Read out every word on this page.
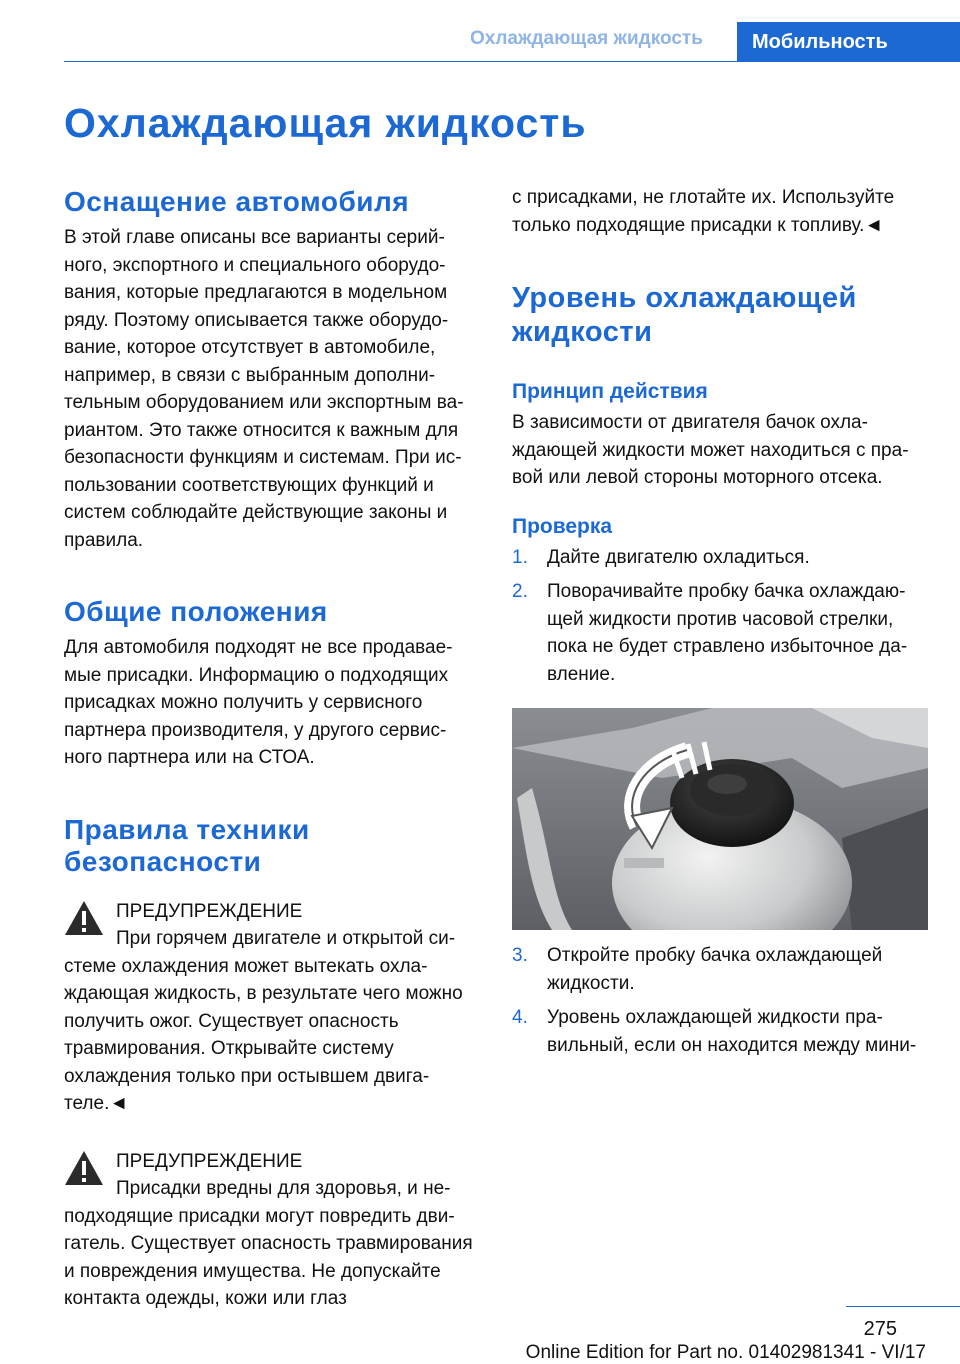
Охлаждающая жидкость	Мобильность
Охлаждающая жидкость
Оснащение автомобиля

В этой главе описаны все варианты серийного, экспортного и специального оборудования, которые предлагаются в модельном ряду. Поэтому описывается также оборудование, которое отсутствует в автомобиле, например, в связи с выбранным дополнительным оборудованием или экспортным вариантом. Это также относится к важным для безопасности функциям и системам. При использовании соответствующих функций и систем соблюдайте действующие законы и правила.

Общие положения

Для автомобиля подходят не все продаваемые присадки. Информацию о подходящих присадках можно получить у сервисного партнера производителя, у другого сервисного партнера или на СТОА.

Правила техники безопасности

ПРЕДУПРЕЖДЕНИЕ

При горячем двигателе и открытой системе охлаждения может вытекать охлаждающая жидкость, в результате чего можно получить ожог. Существует опасность травмирования. Открывайте систему охлаждения только при остывшем двигателе.◄

ПРЕДУПРЕЖДЕНИЕ

Присадки вредны для здоровья, и неподходящие присадки могут повредить двигатель. Существует опасность травмирования и повреждения имущества. Не допускайте контакта одежды, кожи или глаз

с присадками, не глотайте их. Используйте только подходящие присадки к топливу.◄

Уровень охлаждающей жидкости
Принцип действия

В зависимости от двигателя бачок охлаждающей жидкости может находиться с правой или левой стороны моторного отсека.

Проверка
1. Дайте двигателю охладиться.
2. Поворачивайте пробку бачка охлаждающей жидкости против часовой стрелки, пока не будет стравлено избыточное давление.
3. Откройте пробку бачка охлаждающей жидкости.
4. Уровень охлаждающей жидкости правильный, если он находится между мини-
275
Online Edition for Part no. 01402981341 - VI/17
